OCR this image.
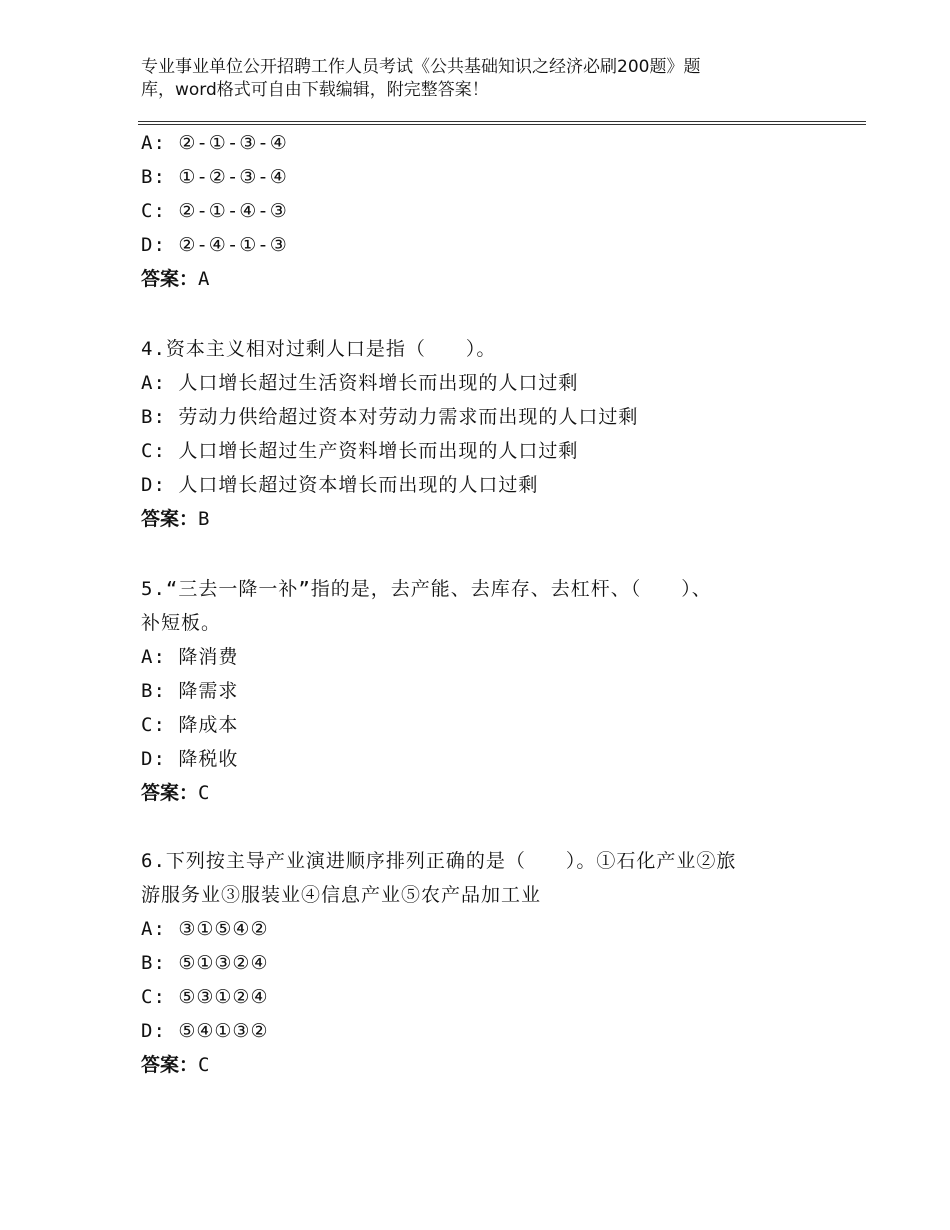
专业事业单位公开招聘工作人员考试《公共基础知识之经济必刷200题》题
库，word格式可自由下载编辑，附完整答案！
A: ②-①-③-④
B: ①-②-③-④
C: ②-①-④-③
D: ②-④-①-③
答案：A
4.资本主义相对过剩人口是指（　　）。
A: 人口增长超过生活资料增长而出现的人口过剩
B: 劳动力供给超过资本对劳动力需求而出现的人口过剩
C: 人口增长超过生产资料增长而出现的人口过剩
D: 人口增长超过资本增长而出现的人口过剩
答案：B
5.“三去一降一补”指的是，去产能、去库存、去杠杆、（　　）、
补短板。
A: 降消费
B: 降需求
C: 降成本
D: 降税收
答案：C
6.下列按主导产业演进顺序排列正确的是（　　）。①石化产业②旅
游服务业③服装业④信息产业⑤农产品加工业
A: ③①⑤④②
B: ⑤①③②④
C: ⑤③①②④
D: ⑤④①③②
答案：C
